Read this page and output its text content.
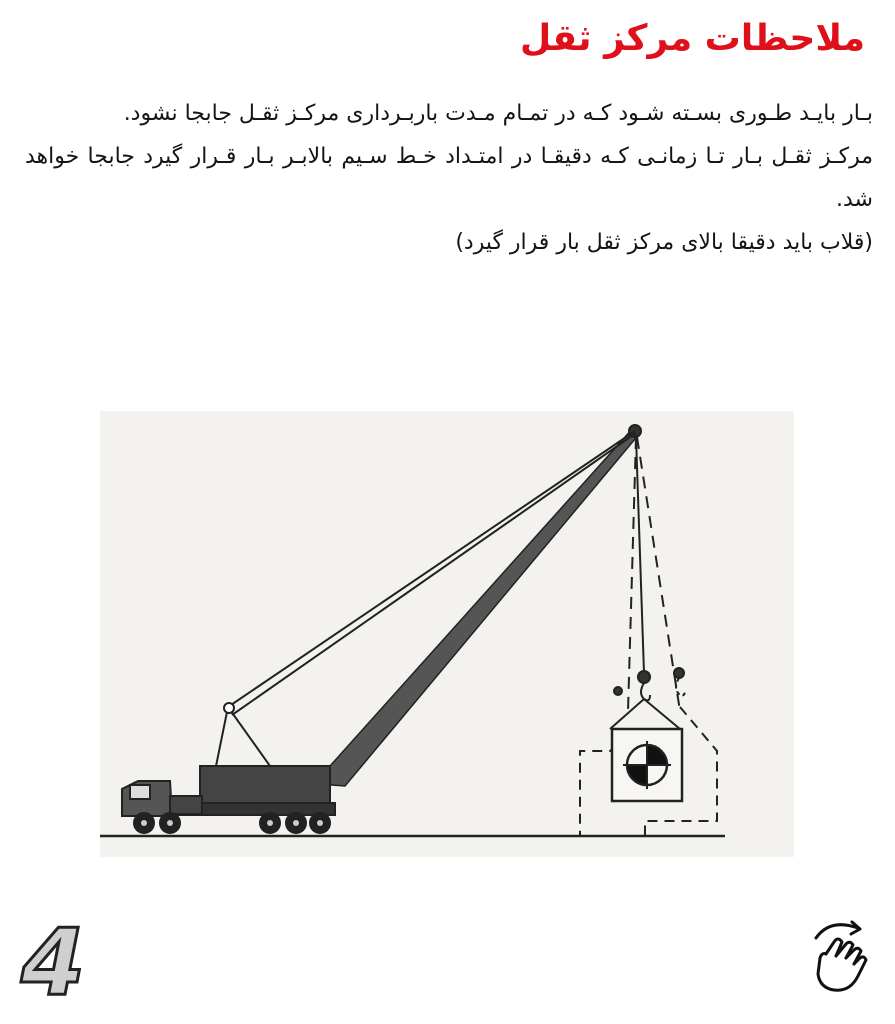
ملاحظات مرکز ثقل

بـار بایـد طـوری بسـته شـود کـه در تمـام مـدت باربـرداری مرکـز ثقـل جابجا نشود.

مرکـز ثقـل بـار تـا زمانـی کـه دقیقـا در امتـداد خـط سـیم بالابـر بـار قـرار گیرد جابجا خواهد شد.

(قلاب باید دقیقا بالای مرکز ثقل بار قرار گیرد)

4
